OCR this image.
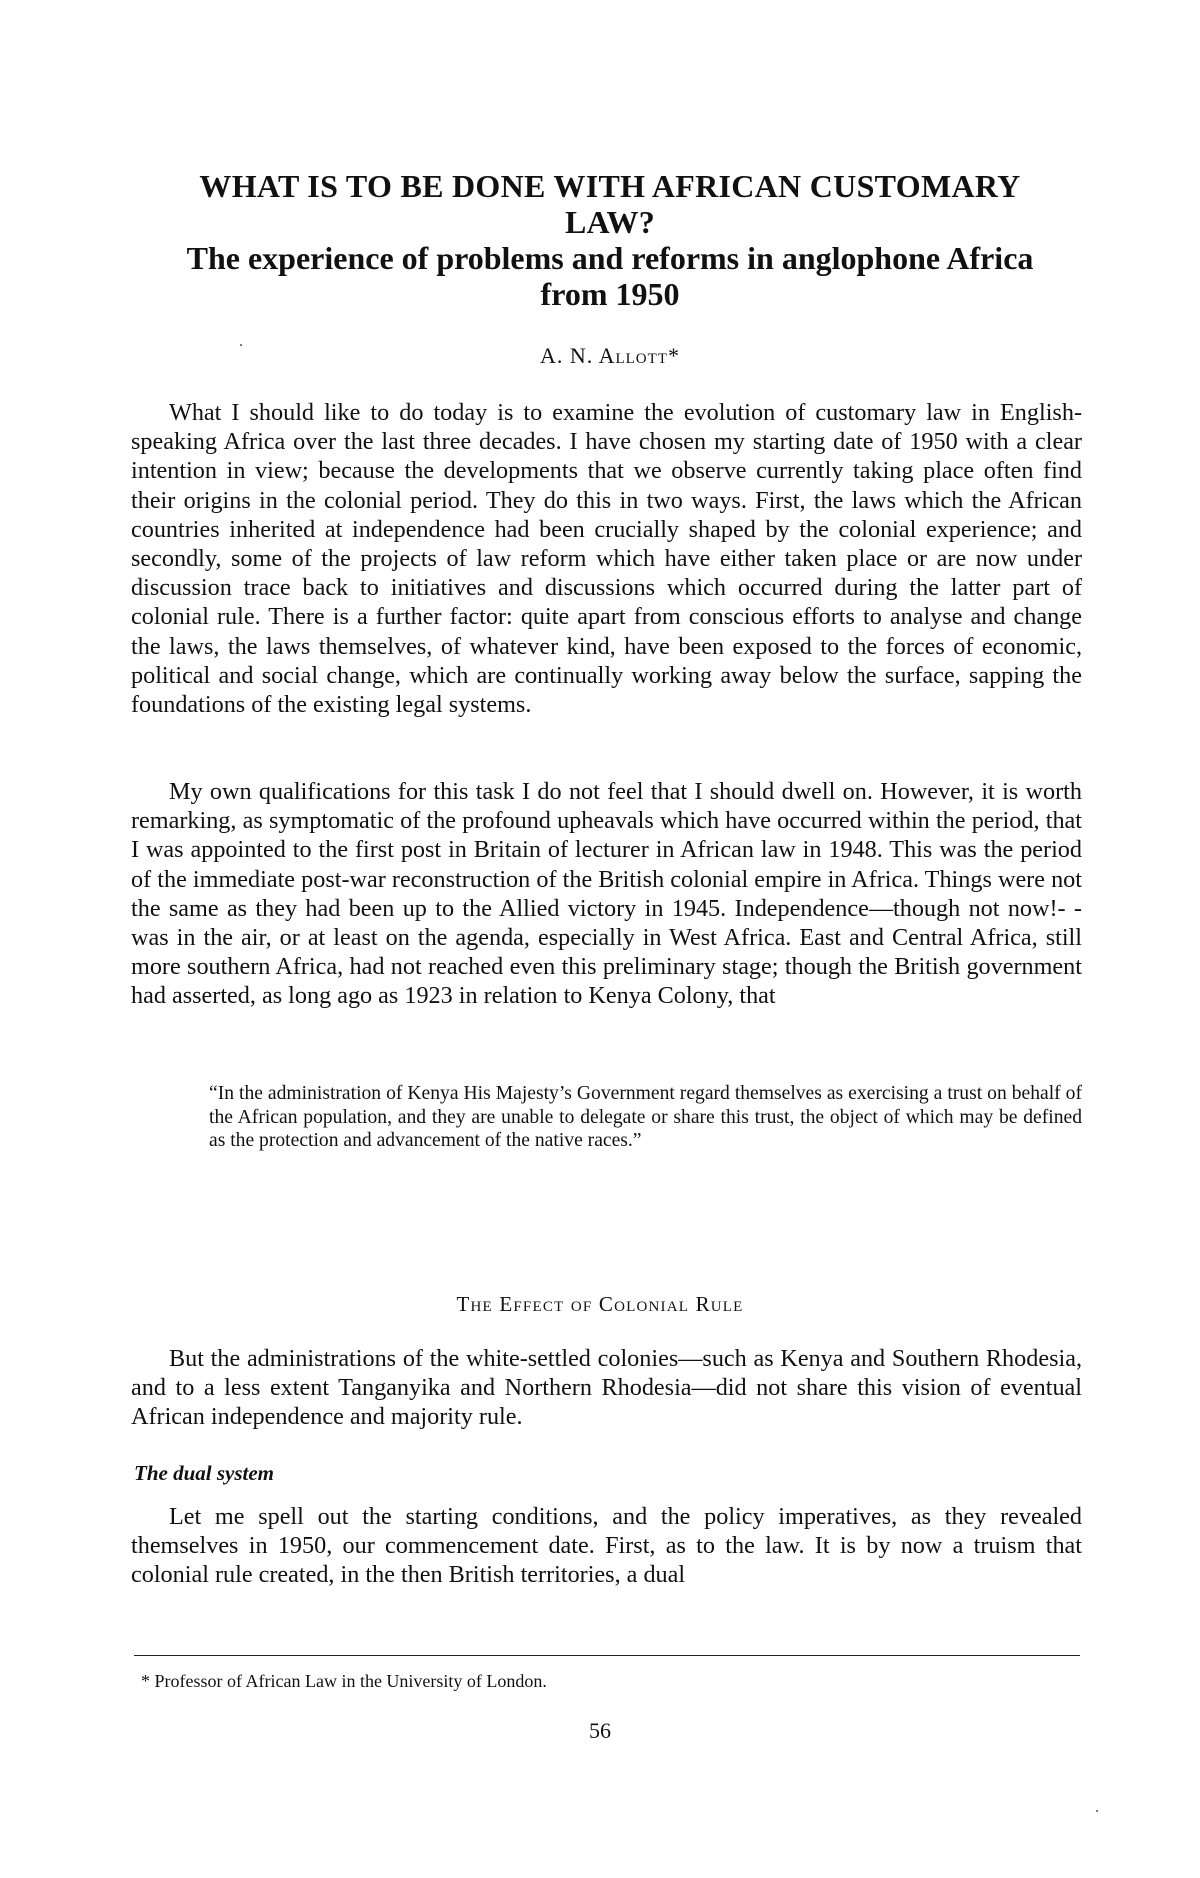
WHAT IS TO BE DONE WITH AFRICAN CUSTOMARY LAW?
The experience of problems and reforms in anglophone Africa from 1950
A. N. Allott*

What I should like to do today is to examine the evolution of customary law in English-speaking Africa over the last three decades. I have chosen my starting date of 1950 with a clear intention in view; because the developments that we observe currently taking place often find their origins in the colonial period. They do this in two ways. First, the laws which the African countries inherited at independence had been crucially shaped by the colonial experience; and secondly, some of the projects of law reform which have either taken place or are now under discussion trace back to initiatives and discussions which occurred during the latter part of colonial rule. There is a further factor: quite apart from conscious efforts to analyse and change the laws, the laws themselves, of whatever kind, have been exposed to the forces of economic, political and social change, which are continually working away below the surface, sapping the foundations of the existing legal systems.

My own qualifications for this task I do not feel that I should dwell on. However, it is worth remarking, as symptomatic of the profound upheavals which have occurred within the period, that I was appointed to the first post in Britain of lecturer in African law in 1948. This was the period of the immediate post-war reconstruction of the British colonial empire in Africa. Things were not the same as they had been up to the Allied victory in 1945. Independence—though not now!- -was in the air, or at least on the agenda, especially in West Africa. East and Central Africa, still more southern Africa, had not reached even this preliminary stage; though the British government had asserted, as long ago as 1923 in relation to Kenya Colony, that

“In the administration of Kenya His Majesty’s Government regard themselves as exercising a trust on behalf of the African population, and they are unable to delegate or share this trust, the object of which may be defined as the protection and advancement of the native races.”

The Effect of Colonial Rule

But the administrations of the white-settled colonies—such as Kenya and Southern Rhodesia, and to a less extent Tanganyika and Northern Rhodesia—did not share this vision of eventual African independence and majority rule.

The dual system

Let me spell out the starting conditions, and the policy imperatives, as they revealed themselves in 1950, our commencement date. First, as to the law. It is by now a truism that colonial rule created, in the then British territories, a dual

* Professor of African Law in the University of London.
56
